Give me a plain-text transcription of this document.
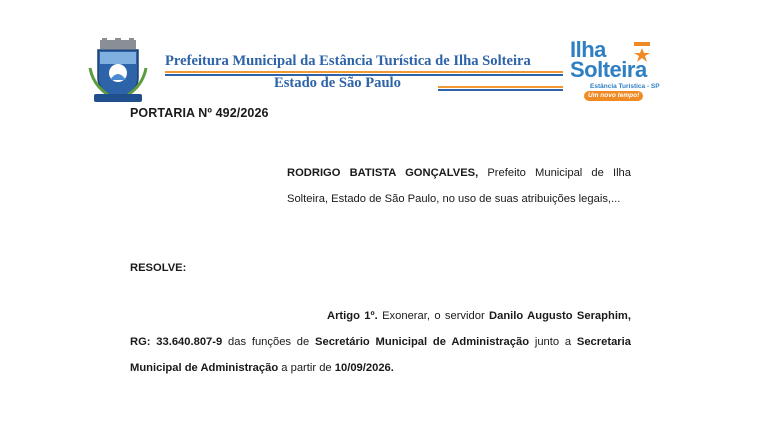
Prefeitura Municipal da Estância Turística de Ilha Solteira
Estado de São Paulo
Ilha
Solteira
Estância Turística - SP
Um novo tempo!
PORTARIA Nº 492/2026
RODRIGO BATISTA GONÇALVES, Prefeito Municipal de Ilha Solteira, Estado de São Paulo, no uso de suas atribuições legais,...
RESOLVE:
Artigo 1º. Exonerar, o servidor Danilo Augusto Seraphim, RG: 33.640.807-9 das funções de Secretário Municipal de Administração junto a Secretaria Municipal de Administração a partir de 10/09/2026.
